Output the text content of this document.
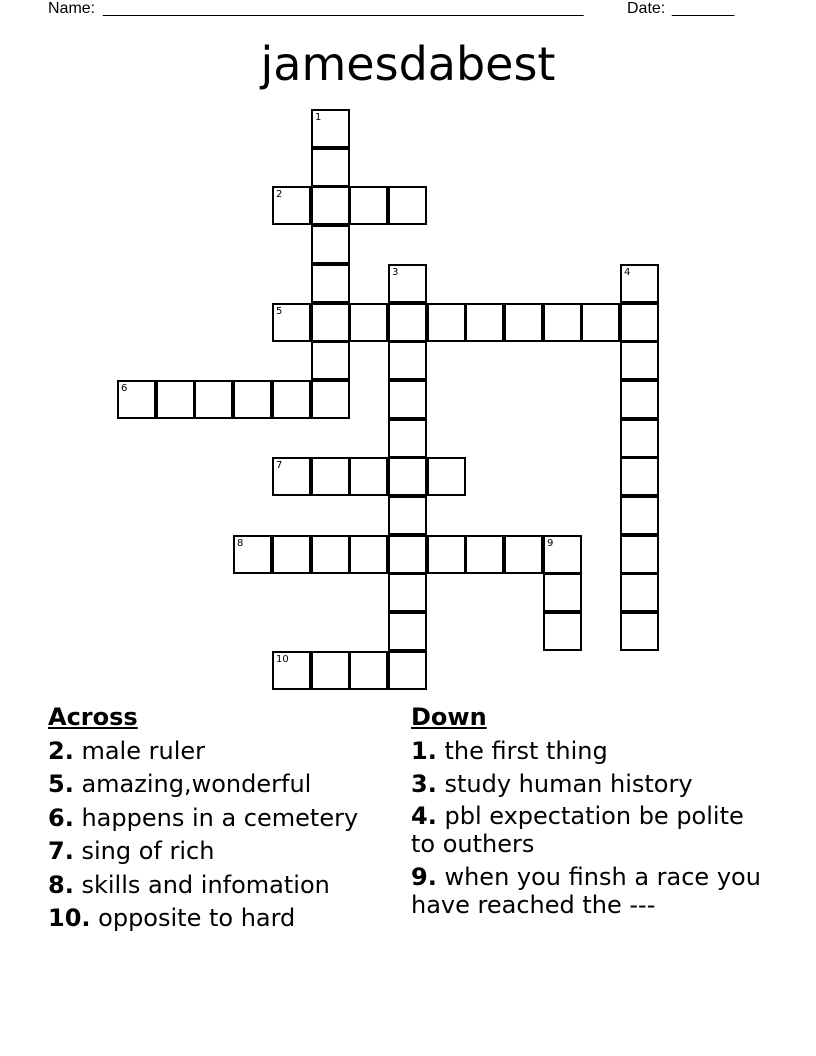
Name: ______________________________________________________	Date: _______
jamesdabest
1
2
3	4
5
6
7
8	9
10
Across
2. male ruler
5. amazing,wonderful
6. happens in a cemetery
7. sing of rich
8. skills and infomation
10. opposite to hard
Down
1. the first thing
3. study human history
4. pbl expectation be polite to outhers
9. when you finsh a race you have reached the ---
